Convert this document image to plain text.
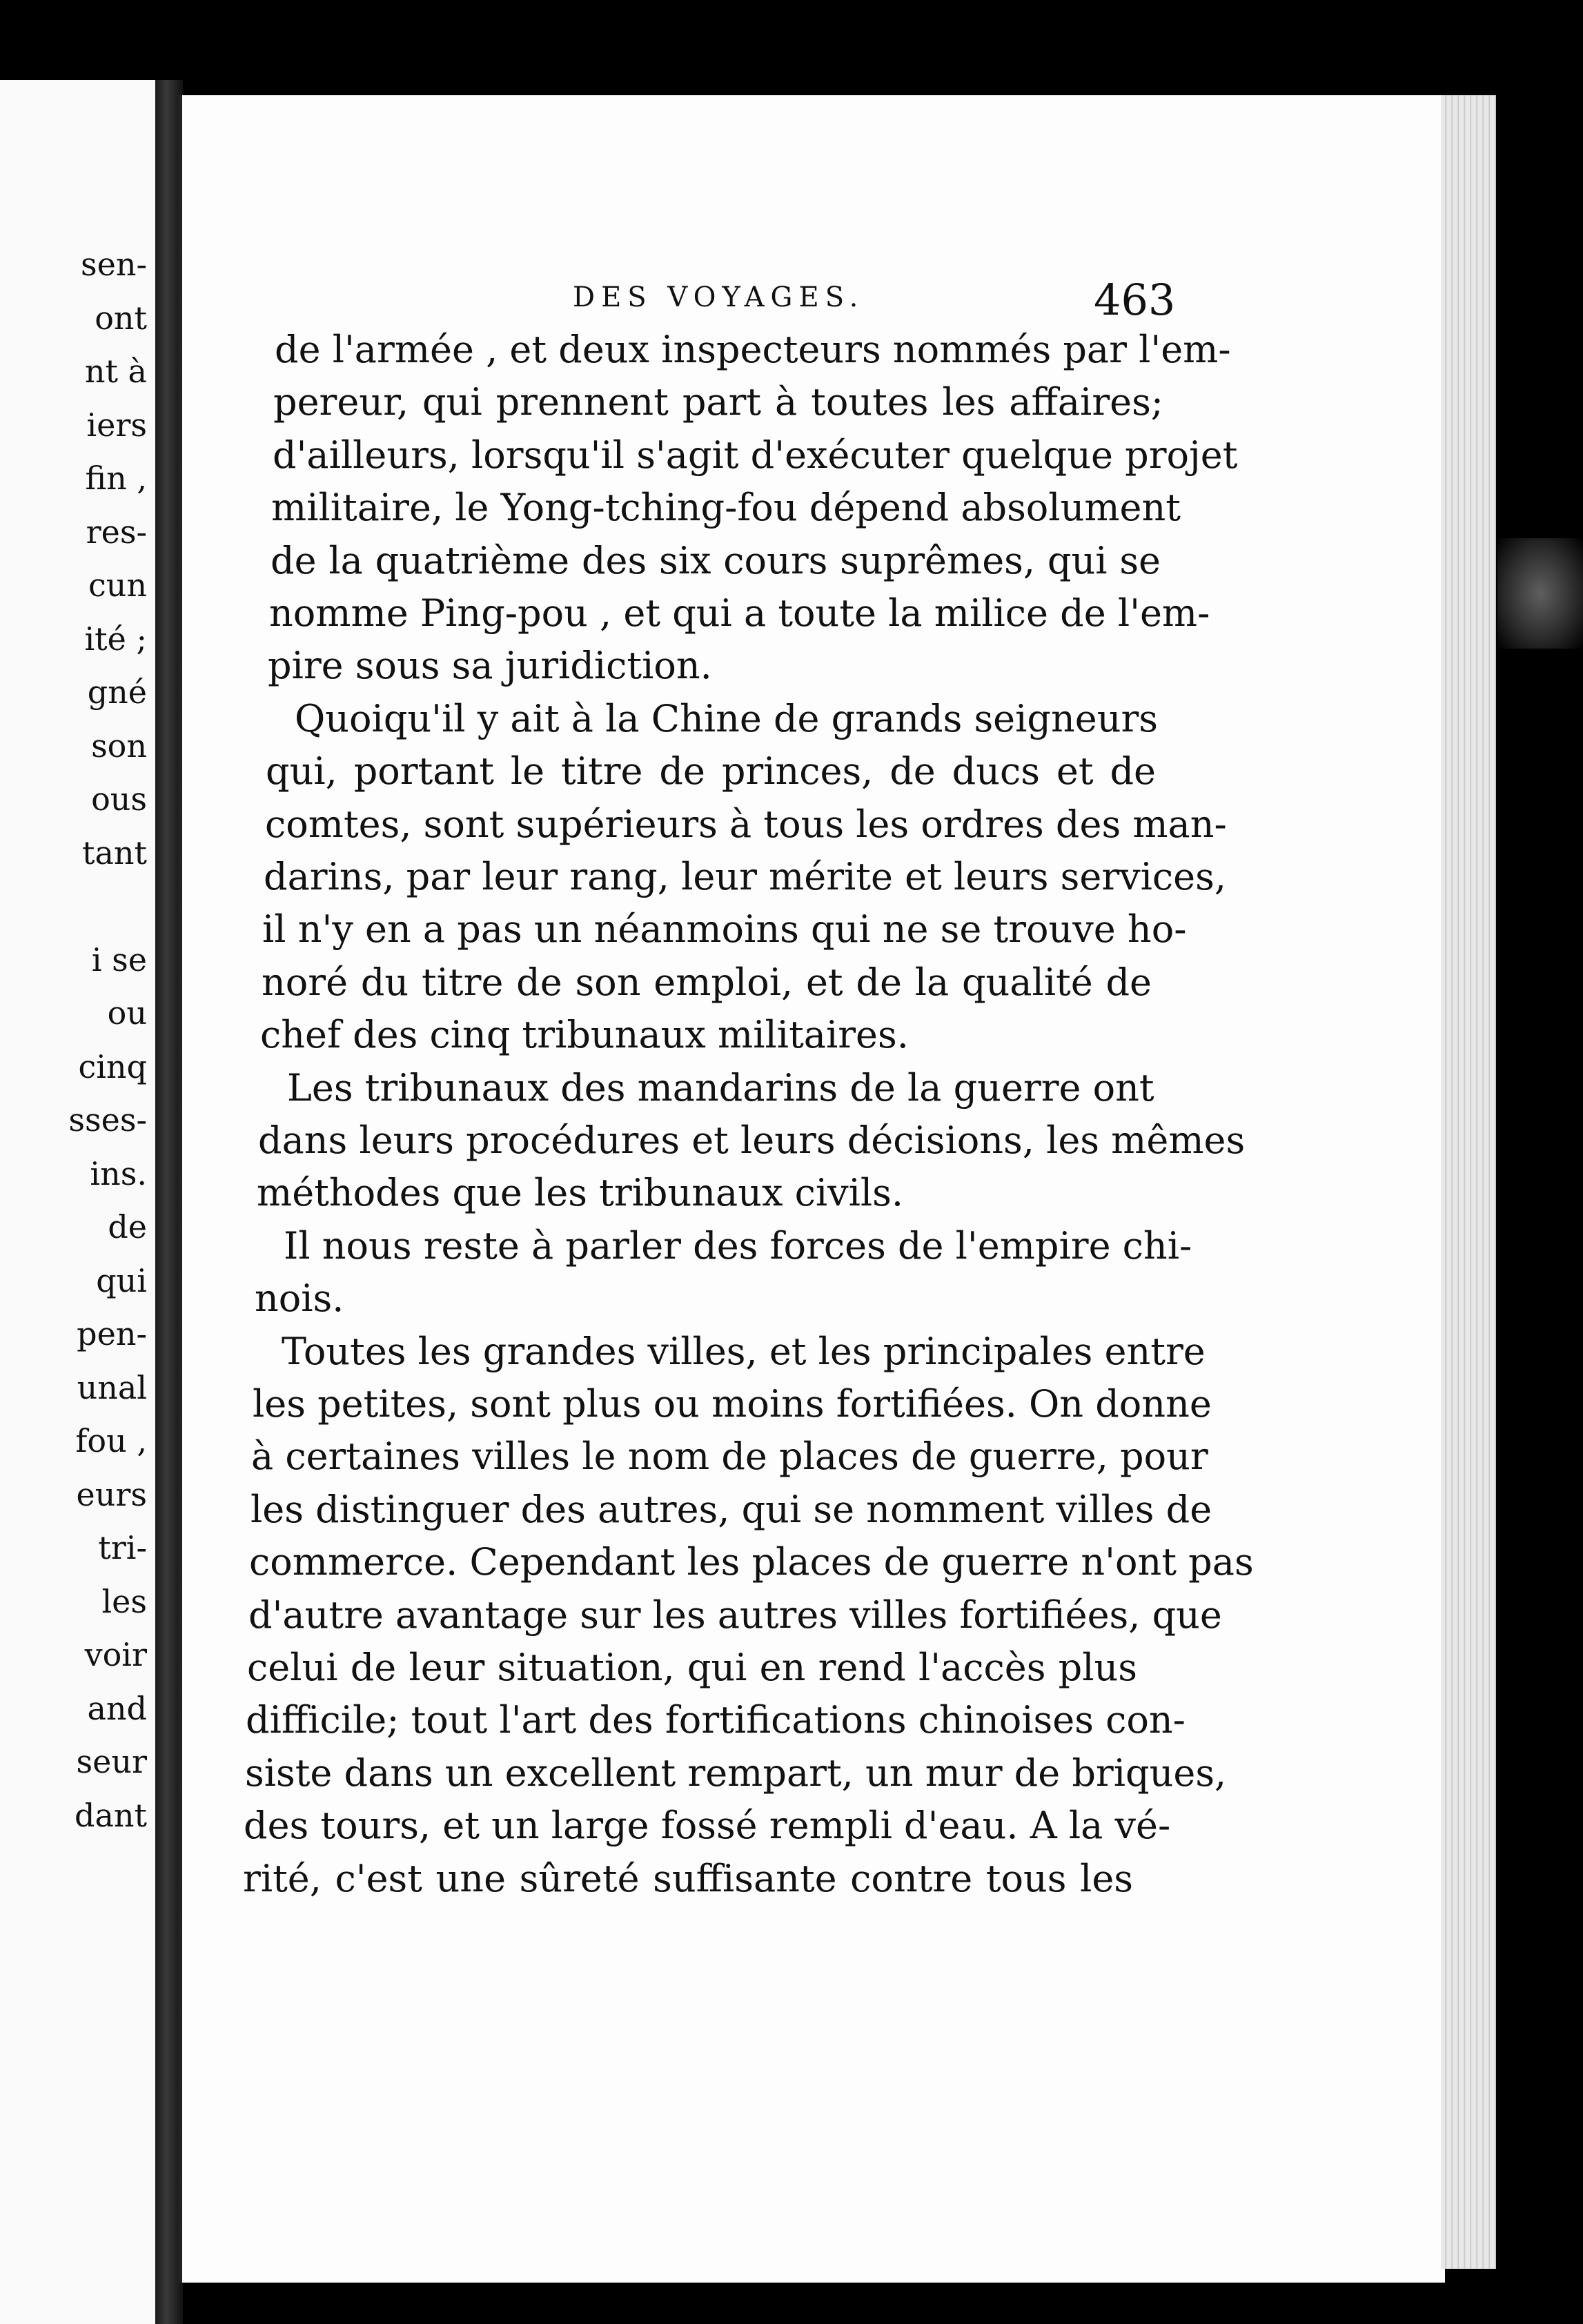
sen-
ont
nt à
iers
fin ,
res-
cun
ité ;
gné
son
ous
tant
i se
ou
cinq
sses-
ins.
de
qui
pen-
unal
fou ,
eurs
tri-
les
voir
and
seur
dant
DES VOYAGES.	463
de l'armée , et deux inspecteurs nommés par l'em-
pereur, qui prennent part à toutes les affaires;
d'ailleurs, lorsqu'il s'agit d'exécuter quelque projet
militaire, le Yong-tching-fou dépend absolument
de la quatrième des six cours suprêmes, qui se
nomme Ping-pou , et qui a toute la milice de l'em-
pire sous sa juridiction.
Quoiqu'il y ait à la Chine de grands seigneurs
qui, portant le titre de princes, de ducs et de
comtes, sont supérieurs à tous les ordres des man-
darins, par leur rang, leur mérite et leurs services,
il n'y en a pas un néanmoins qui ne se trouve ho-
noré du titre de son emploi, et de la qualité de
chef des cinq tribunaux militaires.
Les tribunaux des mandarins de la guerre ont
dans leurs procédures et leurs décisions, les mêmes
méthodes que les tribunaux civils.
Il nous reste à parler des forces de l'empire chi-
nois.
Toutes les grandes villes, et les principales entre
les petites, sont plus ou moins fortifiées. On donne
à certaines villes le nom de places de guerre, pour
les distinguer des autres, qui se nomment villes de
commerce. Cependant les places de guerre n'ont pas
d'autre avantage sur les autres villes fortifiées, que
celui de leur situation, qui en rend l'accès plus
difficile; tout l'art des fortifications chinoises con-
siste dans un excellent rempart, un mur de briques,
des tours, et un large fossé rempli d'eau. A la vé-
rité, c'est une sûreté suffisante contre tous les
